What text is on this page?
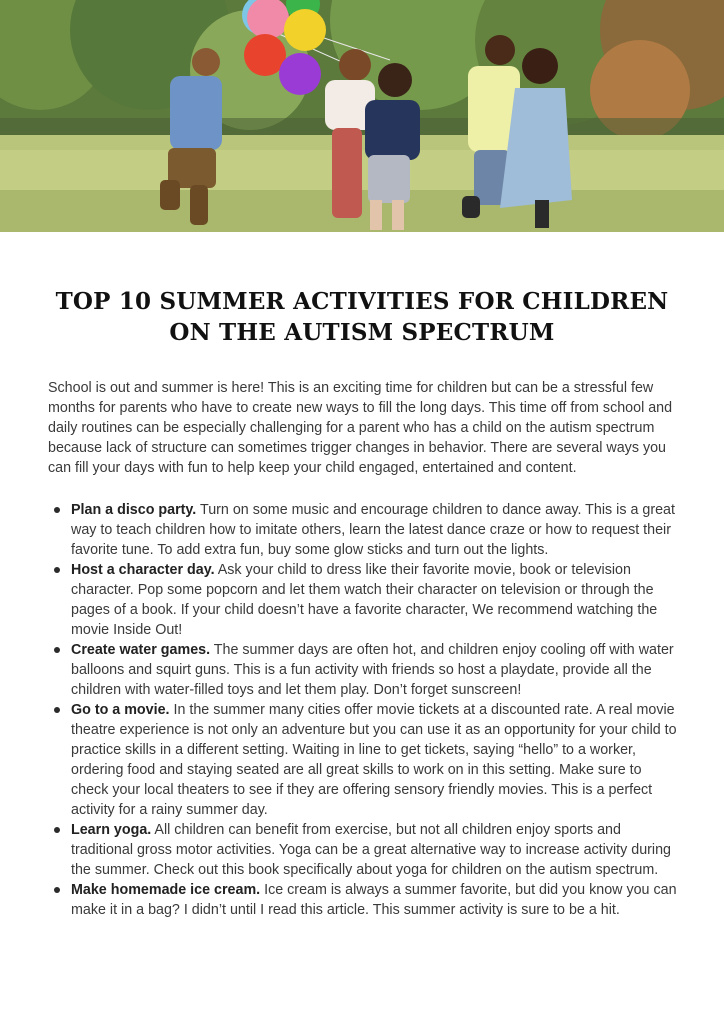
TOP 10 SUMMER ACTIVITIES FOR CHILDREN ON THE AUTISM SPECTRUM

School is out and summer is here! This is an exciting time for children but can be a stressful few months for parents who have to create new ways to fill the long days. This time off from school and daily routines can be especially challenging for a parent who has a child on the autism spectrum because lack of structure can sometimes trigger changes in behavior. There are several ways you can fill your days with fun to help keep your child engaged, entertained and content.

Plan a disco party. Turn on some music and encourage children to dance away. This is a great way to teach children how to imitate others, learn the latest dance craze or how to request their favorite tune. To add extra fun, buy some glow sticks and turn out the lights.
Host a character day. Ask your child to dress like their favorite movie, book or television character. Pop some popcorn and let them watch their character on television or through the pages of a book. If your child doesn’t have a favorite character, We recommend watching the movie Inside Out!
Create water games. The summer days are often hot, and children enjoy cooling off with water balloons and squirt guns. This is a fun activity with friends so host a playdate, provide all the children with water-filled toys and let them play. Don’t forget sunscreen!
Go to a movie. In the summer many cities offer movie tickets at a discounted rate. A real movie theatre experience is not only an adventure but you can use it as an opportunity for your child to practice skills in a different setting. Waiting in line to get tickets, saying “hello” to a worker, ordering food and staying seated are all great skills to work on in this setting. Make sure to check your local theaters to see if they are offering sensory friendly movies. This is a perfect activity for a rainy summer day.
Learn yoga. All children can benefit from exercise, but not all children enjoy sports and traditional gross motor activities. Yoga can be a great alternative way to increase activity during the summer. Check out this book specifically about yoga for children on the autism spectrum.
Make homemade ice cream. Ice cream is always a summer favorite, but did you know you can make it in a bag? I didn’t until I read this article. This summer activity is sure to be a hit.
